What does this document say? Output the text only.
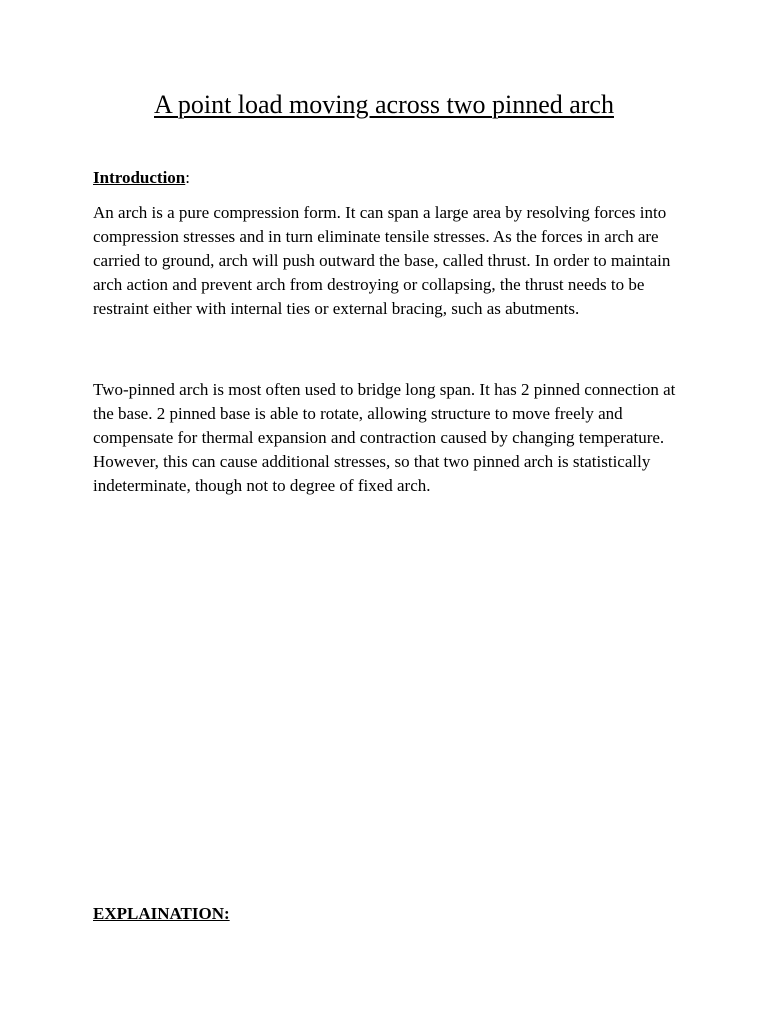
A point load moving across two pinned arch

Introduction:

An arch is a pure compression form. It can span a large area by resolving forces into compression stresses and in turn eliminate tensile stresses. As the forces in arch are carried to ground, arch will push outward the base, called thrust. In order to maintain arch action and prevent arch from destroying or collapsing, the thrust needs to be restraint either with internal ties or external bracing, such as abutments.

Two-pinned arch is most often used to bridge long span. It has 2 pinned connection at the base. 2 pinned base is able to rotate, allowing structure to move freely and compensate for thermal expansion and contraction caused by changing temperature. However, this can cause additional stresses, so that two pinned arch is statistically indeterminate, though not to degree of fixed arch.

EXPLAINATION:
